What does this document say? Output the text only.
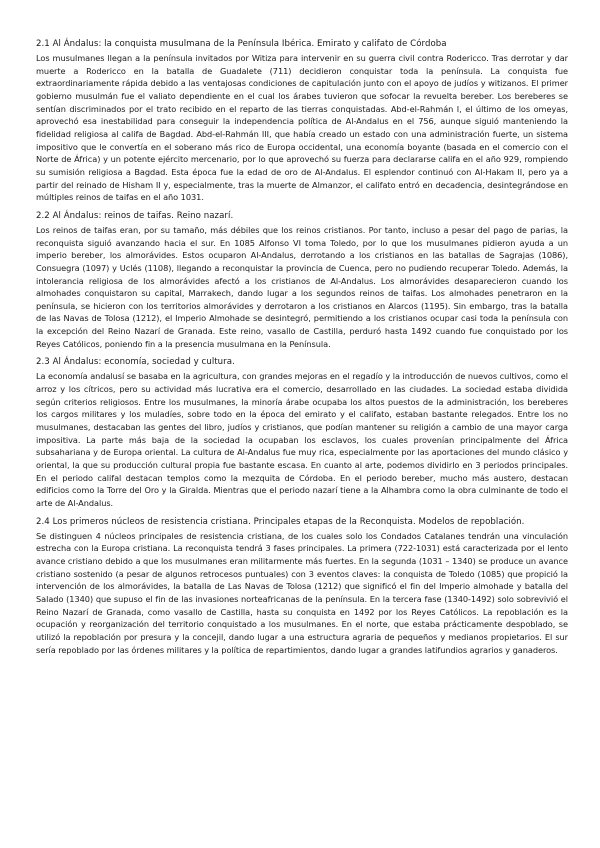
2.1 Al Ándalus: la conquista musulmana de la Península Ibérica. Emirato y califato de Córdoba

Los musulmanes llegan a la península invitados por Witiza para intervenir en su guerra civil contra Rodericco. Tras derrotar y dar muerte a Rodericco en la batalla de Guadalete (711) decidieron conquistar toda la península. La conquista fue extraordinariamente rápida debido a las ventajosas condiciones de capitulación junto con el apoyo de judíos y witizanos. El primer gobierno musulmán fue el valiato dependiente en el cual los árabes tuvieron que sofocar la revuelta bereber. Los bereberes se sentían discriminados por el trato recibido en el reparto de las tierras conquistadas. Abd-el-Rahmán I, el último de los omeyas, aprovechó esa inestabilidad para conseguir la independencia política de Al-Andalus en el 756, aunque siguió manteniendo la fidelidad religiosa al califa de Bagdad. Abd-el-Rahmán III, que había creado un estado con una administración fuerte, un sistema impositivo que le convertía en el soberano más rico de Europa occidental, una economía boyante (basada en el comercio con el Norte de África) y un potente ejército mercenario, por lo que aprovechó su fuerza para declararse califa en el año 929, rompiendo su sumisión religiosa a Bagdad. Esta época fue la edad de oro de Al-Andalus. El esplendor continuó con Al-Hakam II, pero ya a partir del reinado de Hisham II y, especialmente, tras la muerte de Almanzor, el califato entró en decadencia, desintegrándose en múltiples reinos de taifas en el año 1031.

2.2 Al Ándalus: reinos de taifas. Reino nazarí.

Los reinos de taifas eran, por su tamaño, más débiles que los reinos cristianos. Por tanto, incluso a pesar del pago de parias, la reconquista siguió avanzando hacia el sur. En 1085 Alfonso VI toma Toledo, por lo que los musulmanes pidieron ayuda a un imperio bereber, los almorávides. Estos ocuparon Al-Andalus, derrotando a los cristianos en las batallas de Sagrajas (1086), Consuegra (1097) y Uclés (1108), llegando a reconquistar la provincia de Cuenca, pero no pudiendo recuperar Toledo. Además, la intolerancia religiosa de los almorávides afectó a los cristianos de Al-Andalus. Los almorávides desaparecieron cuando los almohades conquistaron su capital, Marrakech, dando lugar a los segundos reinos de taifas. Los almohades penetraron en la península, se hicieron con los territorios almorávides y derrotaron a los cristianos en Alarcos (1195). Sin embargo, tras la batalla de las Navas de Tolosa (1212), el Imperio Almohade se desintegró, permitiendo a los cristianos ocupar casi toda la península con la excepción del Reino Nazarí de Granada. Este reino, vasallo de Castilla, perduró hasta 1492 cuando fue conquistado por los Reyes Católicos, poniendo fin a la presencia musulmana en la Península.

2.3 Al Ándalus: economía, sociedad y cultura.

La economía andalusí se basaba en la agricultura, con grandes mejoras en el regadío y la introducción de nuevos cultivos, como el arroz y los cítricos, pero su actividad más lucrativa era el comercio, desarrollado en las ciudades. La sociedad estaba dividida según criterios religiosos. Entre los musulmanes, la minoría árabe ocupaba los altos puestos de la administración, los bereberes los cargos militares y los muladíes, sobre todo en la época del emirato y el califato, estaban bastante relegados. Entre los no musulmanes, destacaban las gentes del libro, judíos y cristianos, que podían mantener su religión a cambio de una mayor carga impositiva. La parte más baja de la sociedad la ocupaban los esclavos, los cuales provenían principalmente del África subsahariana y de Europa oriental. La cultura de Al-Andalus fue muy rica, especialmente por las aportaciones del mundo clásico y oriental, la que su producción cultural propia fue bastante escasa. En cuanto al arte, podemos dividirlo en 3 periodos principales. En el periodo califal destacan templos como la mezquita de Córdoba. En el periodo bereber, mucho más austero, destacan edificios como la Torre del Oro y la Giralda. Mientras que el periodo nazarí tiene a la Alhambra como la obra culminante de todo el arte de Al-Andalus.

2.4 Los primeros núcleos de resistencia cristiana. Principales etapas de la Reconquista. Modelos de repoblación.

Se distinguen 4 núcleos principales de resistencia cristiana, de los cuales solo los Condados Catalanes tendrán una vinculación estrecha con la Europa cristiana. La reconquista tendrá 3 fases principales. La primera (722-1031) está caracterizada por el lento avance cristiano debido a que los musulmanes eran militarmente más fuertes. En la segunda (1031 – 1340) se produce un avance cristiano sostenido (a pesar de algunos retrocesos puntuales) con 3 eventos claves: la conquista de Toledo (1085) que propició la intervención de los almorávides, la batalla de Las Navas de Tolosa (1212) que significó el fin del Imperio almohade y batalla del Salado (1340) que supuso el fin de las invasiones norteafricanas de la península. En la tercera fase (1340-1492) solo sobrevivió el Reino Nazarí de Granada, como vasallo de Castilla, hasta su conquista en 1492 por los Reyes Católicos. La repoblación es la ocupación y reorganización del territorio conquistado a los musulmanes. En el norte, que estaba prácticamente despoblado, se utilizó la repoblación por presura y la concejil, dando lugar a una estructura agraria de pequeños y medianos propietarios. El sur sería repoblado por las órdenes militares y la política de repartimientos, dando lugar a grandes latifundios agrarios y ganaderos.
